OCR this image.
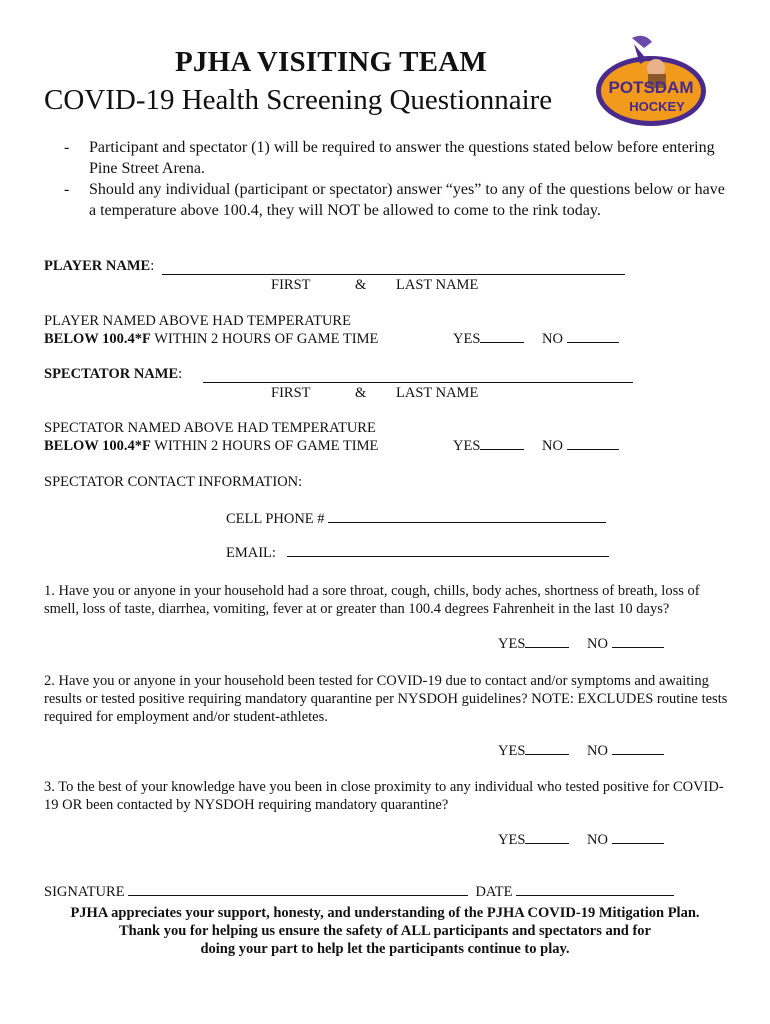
PJHA VISITING TEAM
COVID-19 Health Screening Questionnaire	POTSDAM
HOCKEY
- Participant and spectator (1) will be required to answer the questions stated below before entering Pine Street Arena.
- Should any individual (participant or spectator) answer “yes” to any of the questions below or have a temperature above 100.4, they will NOT be allowed to come to the rink today.
PLAYER NAME:
FIRST	& LAST NAME
PLAYER NAMED ABOVE HAD TEMPERATURE
BELOW 100.4*F WITHIN 2 HOURS OF GAME TIME	YES	NO
SPECTATOR NAME:
FIRST	& LAST NAME
SPECTATOR NAMED ABOVE HAD TEMPERATURE
BELOW 100.4*F WITHIN 2 HOURS OF GAME TIME	YES	NO
SPECTATOR CONTACT INFORMATION:
CELL PHONE #
EMAIL:
1. Have you or anyone in your household had a sore throat, cough, chills, body aches, shortness of breath, loss of smell, loss of taste, diarrhea, vomiting, fever at or greater than 100.4 degrees Fahrenheit in the last 10 days?
YES	NO
2. Have you or anyone in your household been tested for COVID-19 due to contact and/or symptoms and awaiting results or tested positive requiring mandatory quarantine per NYSDOH guidelines? NOTE: EXCLUDES routine tests required for employment and/or student-athletes.
YES	NO
3. To the best of your knowledge have you been in close proximity to any individual who tested positive for COVID-19 OR been contacted by NYSDOH requiring mandatory quarantine?
YES	NO
SIGNATURE	DATE
PJHA appreciates your support, honesty, and understanding of the PJHA COVID-19 Mitigation Plan.
Thank you for helping us ensure the safety of ALL participants and spectators and for
doing your part to help let the participants continue to play.
